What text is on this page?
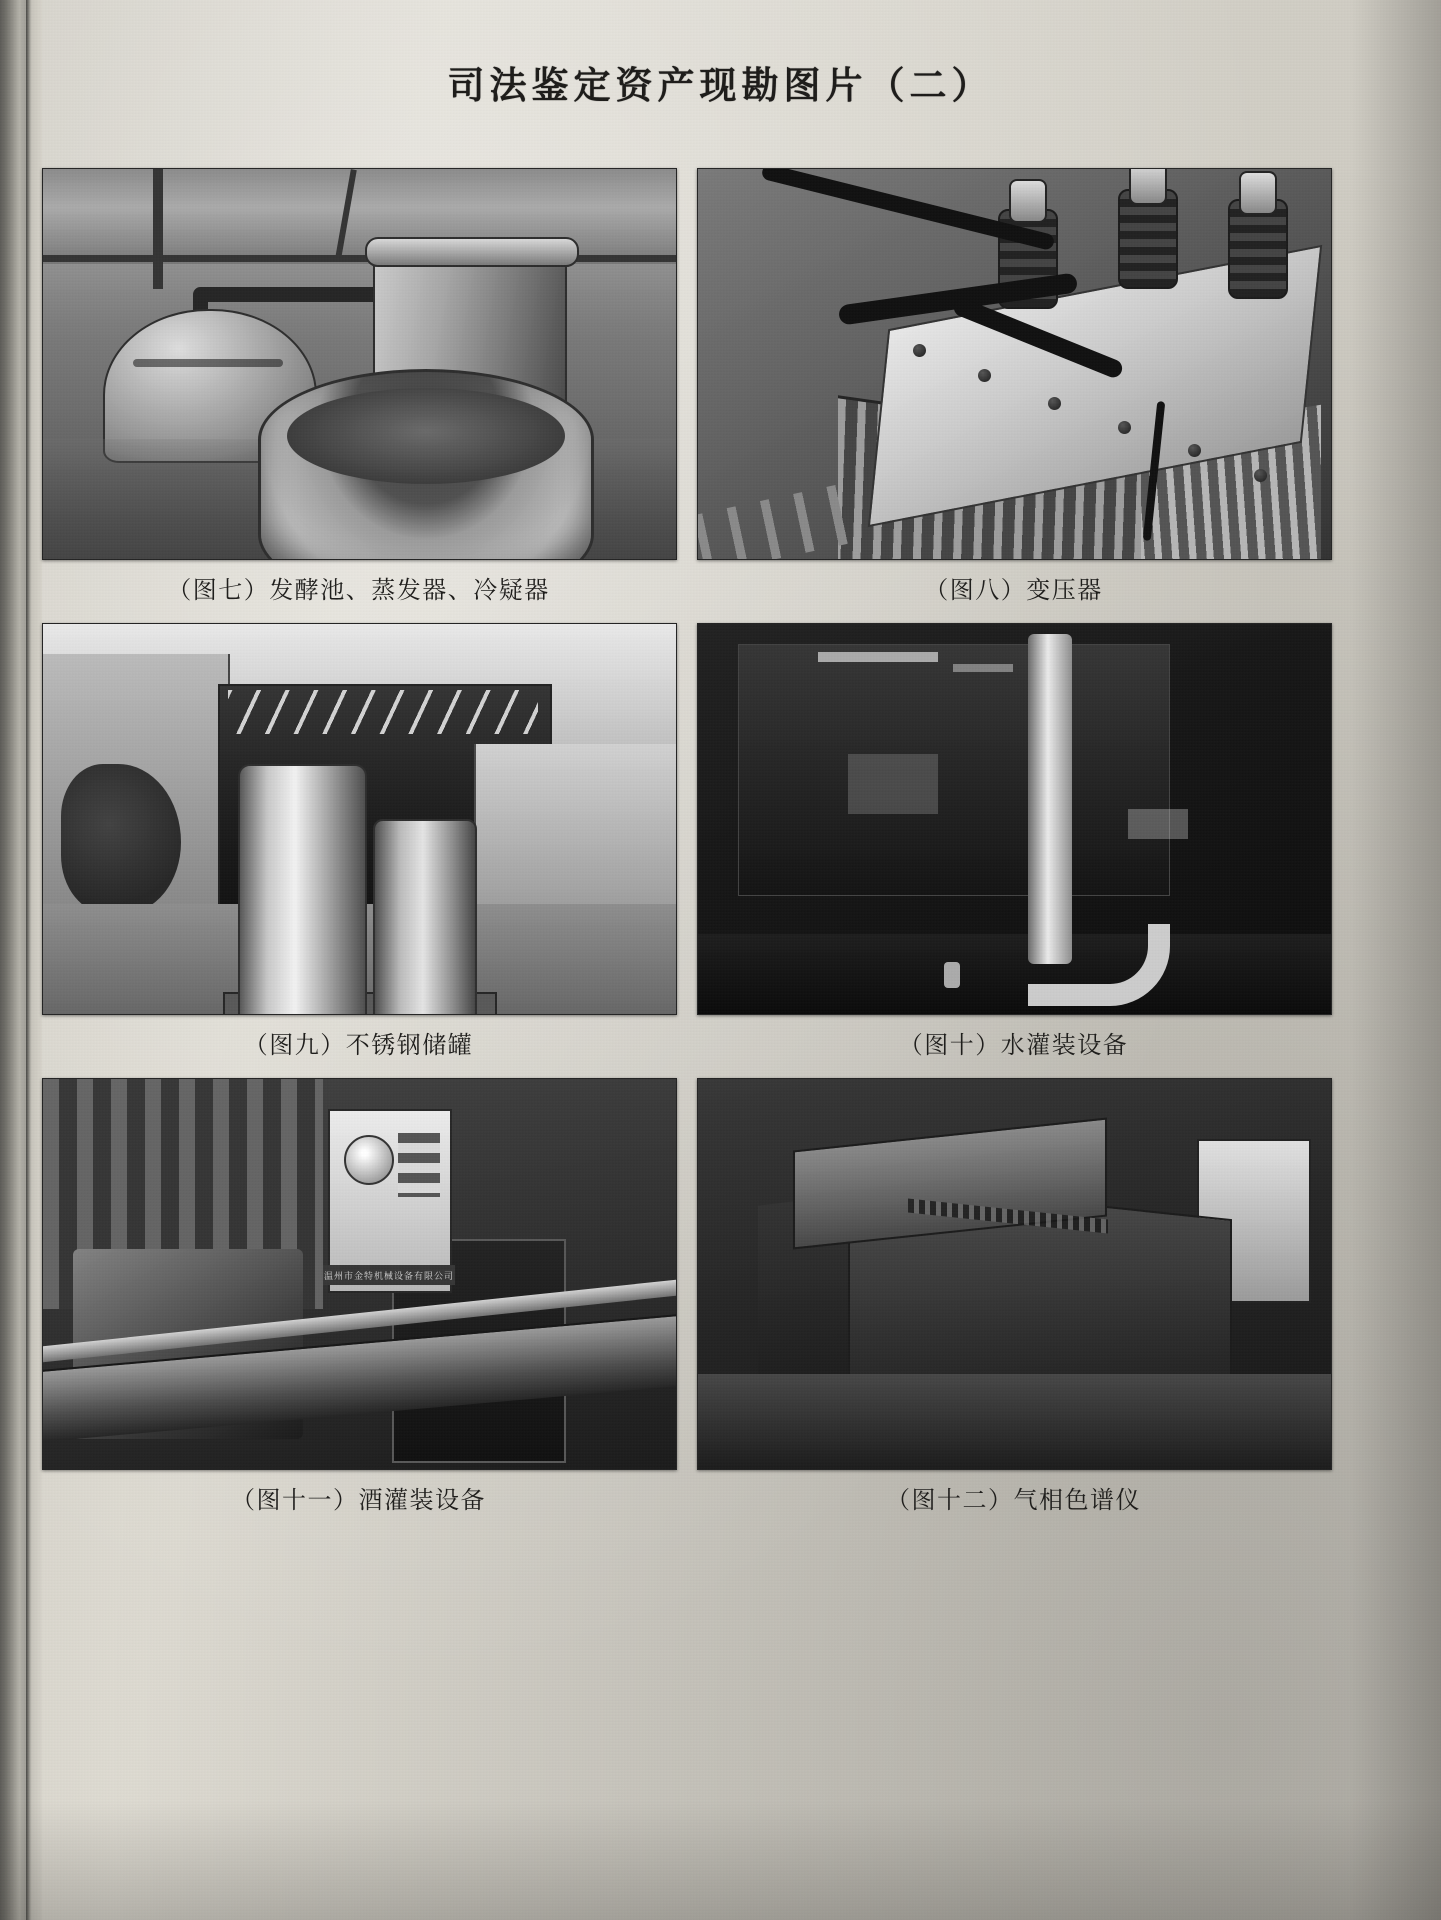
司法鉴定资产现勘图片（二）
（图七）发酵池、蒸发器、冷疑器	（图八）变压器
（图九）不锈钢储罐	（图十）水灌装设备
温州市金特机械设备有限公司
（图十一）酒灌装设备	（图十二）气相色谱仪
